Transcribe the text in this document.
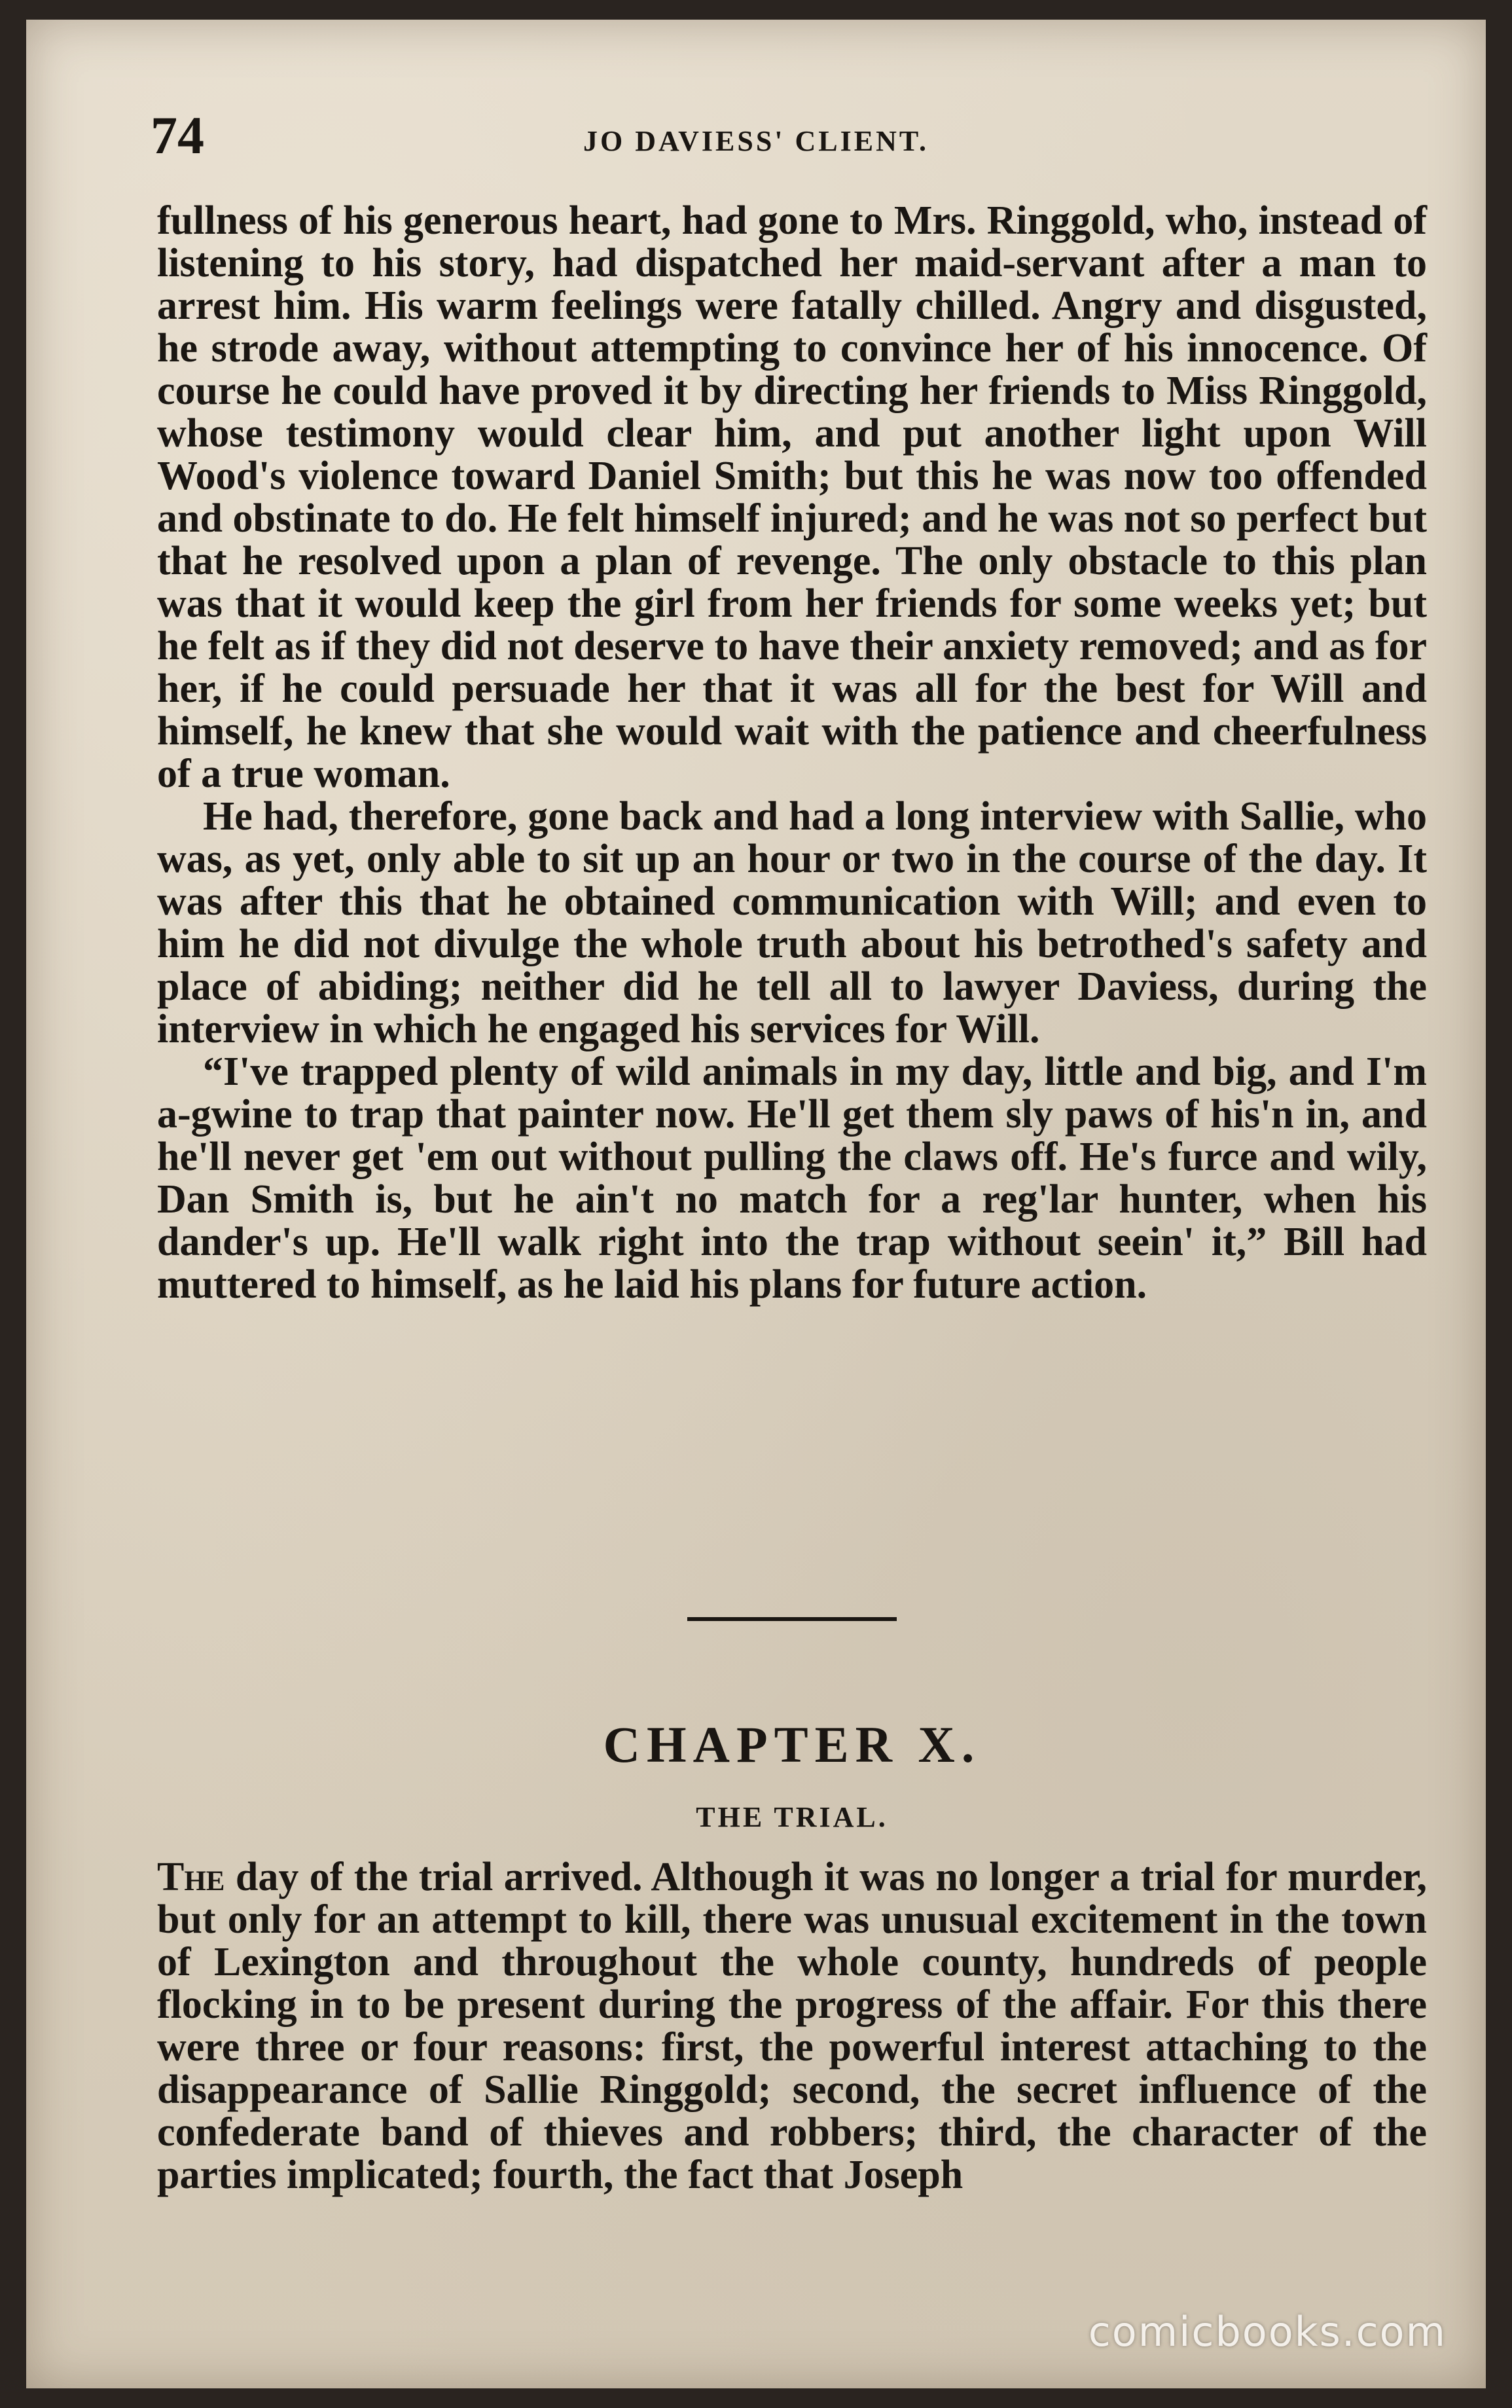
74	JO DAVIESS' CLIENT.

fullness of his generous heart, had gone to Mrs. Ringgold, who, instead of listening to his story, had dispatched her maid-servant after a man to arrest him. His warm feelings were fatally chilled. Angry and disgusted, he strode away, without attempting to convince her of his innocence. Of course he could have proved it by directing her friends to Miss Ringgold, whose testimony would clear him, and put another light upon Will Wood's violence toward Daniel Smith; but this he was now too offended and obstinate to do. He felt himself injured; and he was not so perfect but that he resolved upon a plan of revenge. The only obstacle to this plan was that it would keep the girl from her friends for some weeks yet; but he felt as if they did not deserve to have their anxiety removed; and as for her, if he could persuade her that it was all for the best for Will and himself, he knew that she would wait with the patience and cheerfulness of a true woman.

He had, therefore, gone back and had a long interview with Sallie, who was, as yet, only able to sit up an hour or two in the course of the day. It was after this that he obtained communication with Will; and even to him he did not divulge the whole truth about his betrothed's safety and place of abiding; neither did he tell all to lawyer Daviess, during the interview in which he engaged his services for Will.

“I've trapped plenty of wild animals in my day, little and big, and I'm a-gwine to trap that painter now. He'll get them sly paws of his'n in, and he'll never get 'em out without pulling the claws off. He's furce and wily, Dan Smith is, but he ain't no match for a reg'lar hunter, when his dander's up. He'll walk right into the trap without seein' it,” Bill had muttered to himself, as he laid his plans for future action.

CHAPTER X.
THE TRIAL.

The day of the trial arrived. Although it was no longer a trial for murder, but only for an attempt to kill, there was unusual excitement in the town of Lexington and throughout the whole county, hundreds of people flocking in to be present during the progress of the affair. For this there were three or four reasons: first, the powerful interest attaching to the disappearance of Sallie Ringgold; second, the secret influence of the confederate band of thieves and robbers; third, the character of the parties implicated; fourth, the fact that Joseph

comicbooks.com
